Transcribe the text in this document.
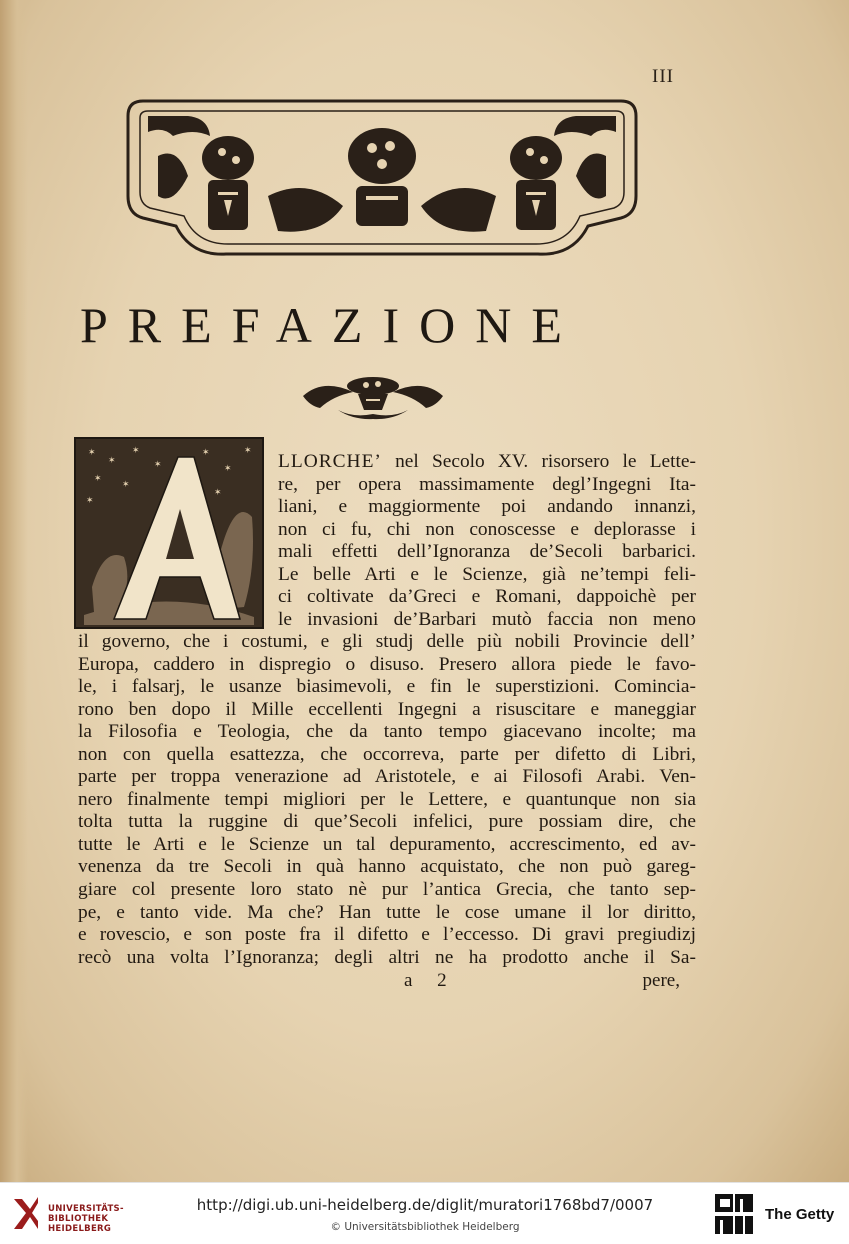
III
PREFAZIONE
✶
✶
✶
✶
✶
✶
✶
✶
✶
✶
✶
LLORCHE’ nel Secolo XV. risorsero le Lette-
re, per opera massimamente degl’Ingegni Ita-
liani, e maggiormente poi andando innanzi,
non ci fu, chi non conoscesse e deplorasse i
mali effetti dell’Ignoranza de’Secoli barbarici.
Le belle Arti e le Scienze, già ne’tempi feli-
ci coltivate da’Greci e Romani, dappoichè per
le invasioni de’Barbari mutò faccia non meno
il governo, che i costumi, e gli studj delle più nobili Provincie dell’
Europa, caddero in dispregio o disuso. Presero allora piede le favo-
le, i falsarj, le usanze biasimevoli, e fin le superstizioni. Comincia-
rono ben dopo il Mille eccellenti Ingegni a risuscitare e maneggiar
la Filosofia e Teologia, che da tanto tempo giacevano incolte; ma
non con quella esattezza, che occorreva, parte per difetto di Libri,
parte per troppa venerazione ad Aristotele, e ai Filosofi Arabi. Ven-
nero finalmente tempi migliori per le Lettere, e quantunque non sia
tolta tutta la ruggine di que’Secoli infelici, pure possiam dire, che
tutte le Arti e le Scienze un tal depuramento, accrescimento, ed av-
venenza da tre Secoli in quà hanno acquistato, che non può gareg-
giare col presente loro stato nè pur l’antica Grecia, che tanto sep-
pe, e tanto vide. Ma che? Han tutte le cose umane il lor diritto,
e rovescio, e son poste fra il difetto e l’eccesso. Di gravi pregiudizj
recò una volta l’Ignoranza; degli altri ne ha prodotto anche il Sa-
a 2	pere,
UNIVERSITÄTS-
BIBLIOTHEK
HEIDELBERG
http://digi.ub.uni-heidelberg.de/diglit/muratori1768bd7/0007
© Universitätsbibliothek Heidelberg
The Getty
